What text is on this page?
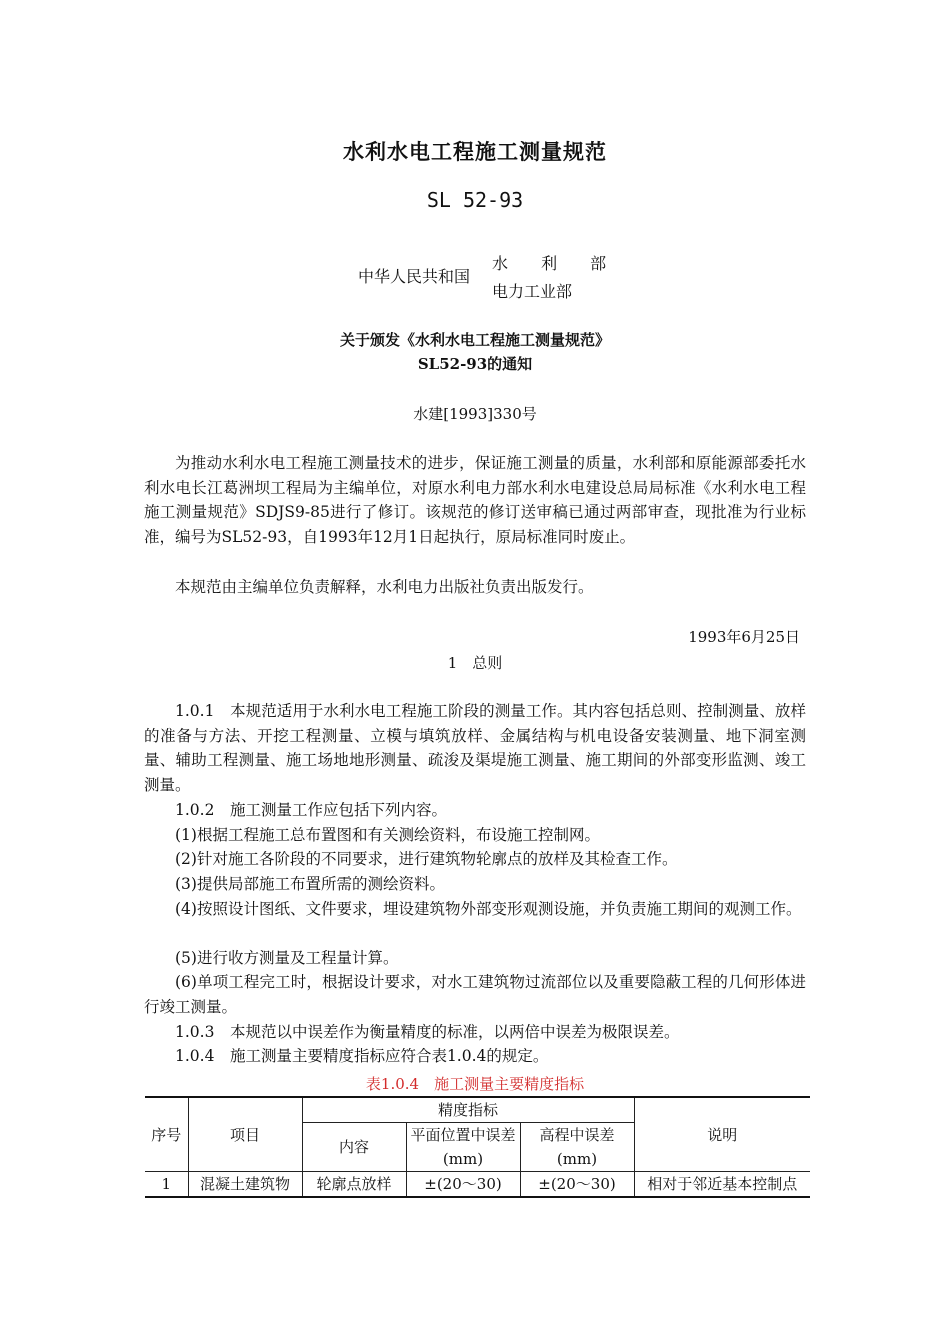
水利水电工程施工测量规范
SL 52-93
中华人民共和国
水 利 部
电力工业部
关于颁发《水利水电工程施工测量规范》
SL52-93的通知
水建[1993]330号

为推动水利水电工程施工测量技术的进步，保证施工测量的质量，水利部和原能源部委托水利水电长江葛洲坝工程局为主编单位，对原水利电力部水利水电建设总局局标准《水利水电工程施工测量规范》SDJS9-85进行了修订。该规范的修订送审稿已通过两部审查，现批准为行业标准，编号为SL52-93，自1993年12月1日起执行，原局标准同时废止。

本规范由主编单位负责解释，水利电力出版社负责出版发行。

1993年6月25日
1　总则

1.0.1　本规范适用于水利水电工程施工阶段的测量工作。其内容包括总则、控制测量、放样的准备与方法、开挖工程测量、立模与填筑放样、金属结构与机电设备安装测量、地下洞室测量、辅助工程测量、施工场地地形测量、疏浚及渠堤施工测量、施工期间的外部变形监测、竣工测量。

1.0.2　施工测量工作应包括下列内容。

(1)根据工程施工总布置图和有关测绘资料，布设施工控制网。

(2)针对施工各阶段的不同要求，进行建筑物轮廓点的放样及其检查工作。

(3)提供局部施工布置所需的测绘资料。

(4)按照设计图纸、文件要求，埋设建筑物外部变形观测设施，并负责施工期间的观测工作。

(5)进行收方测量及工程量计算。

(6)单项工程完工时，根据设计要求，对水工建筑物过流部位以及重要隐蔽工程的几何形体进行竣工测量。

1.0.3　本规范以中误差作为衡量精度的标准，以两倍中误差为极限误差。

1.0.4　施工测量主要精度指标应符合表1.0.4的规定。

表1.0.4　施工测量主要精度指标
序号	项目	精度指标			说明
		内容	平面位置中误差(mm)	高程中误差(mm)	

1	混凝土建筑物	轮廓点放样	±(20～30)	±(20～30)	相对于邻近基本控制点
